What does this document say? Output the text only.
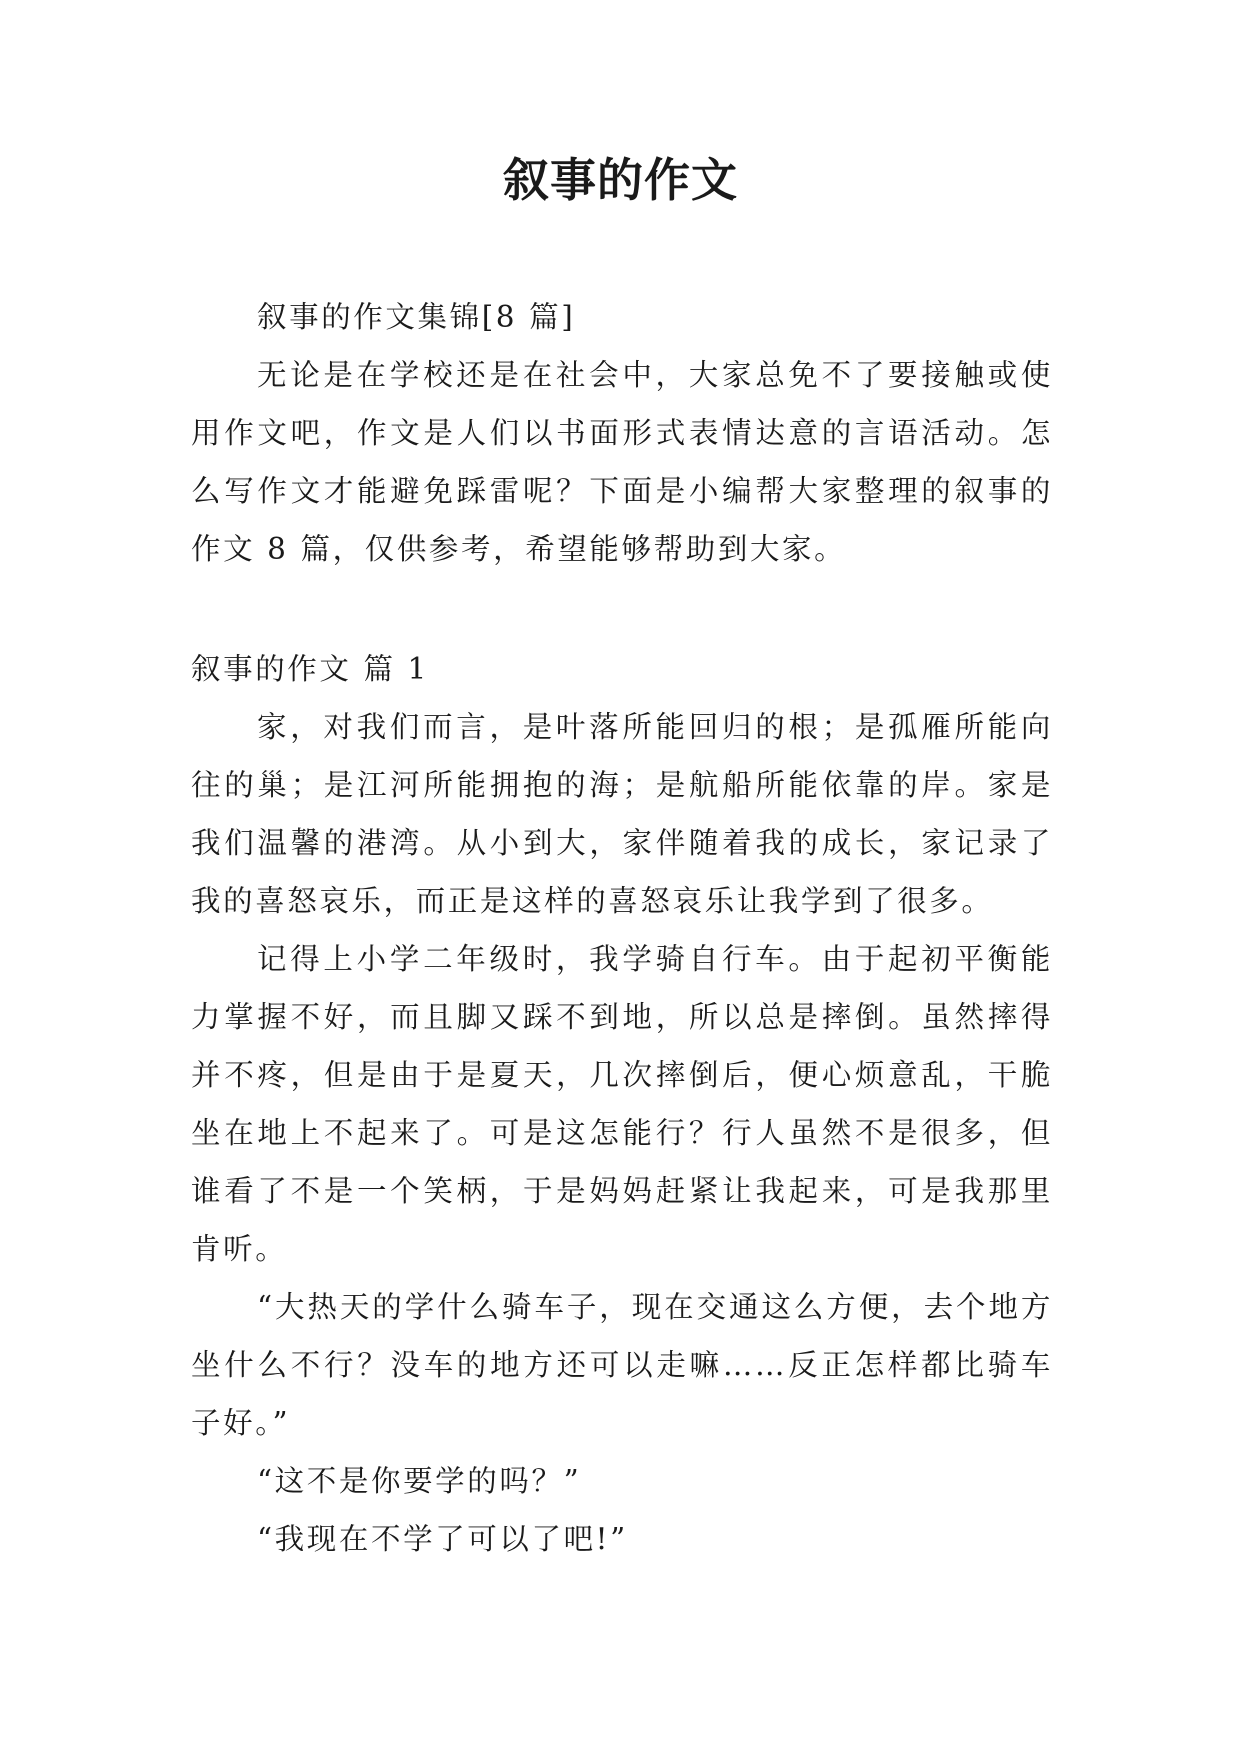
叙事的作文

叙事的作文集锦[8 篇]

无论是在学校还是在社会中，大家总免不了要接触或使用作文吧，作文是人们以书面形式表情达意的言语活动。怎么写作文才能避免踩雷呢？下面是小编帮大家整理的叙事的作文 8 篇，仅供参考，希望能够帮助到大家。

叙事的作文 篇 1

家，对我们而言，是叶落所能回归的根；是孤雁所能向往的巢；是江河所能拥抱的海；是航船所能依靠的岸。家是我们温馨的港湾。从小到大，家伴随着我的成长，家记录了我的喜怒哀乐，而正是这样的喜怒哀乐让我学到了很多。

记得上小学二年级时，我学骑自行车。由于起初平衡能力掌握不好，而且脚又踩不到地，所以总是摔倒。虽然摔得并不疼，但是由于是夏天，几次摔倒后，便心烦意乱，干脆坐在地上不起来了。可是这怎能行？行人虽然不是很多，但谁看了不是一个笑柄，于是妈妈赶紧让我起来，可是我那里肯听。

“大热天的学什么骑车子，现在交通这么方便，去个地方坐什么不行？没车的地方还可以走嘛……反正怎样都比骑车子好。”

“这不是你要学的吗？”

“我现在不学了可以了吧!”
